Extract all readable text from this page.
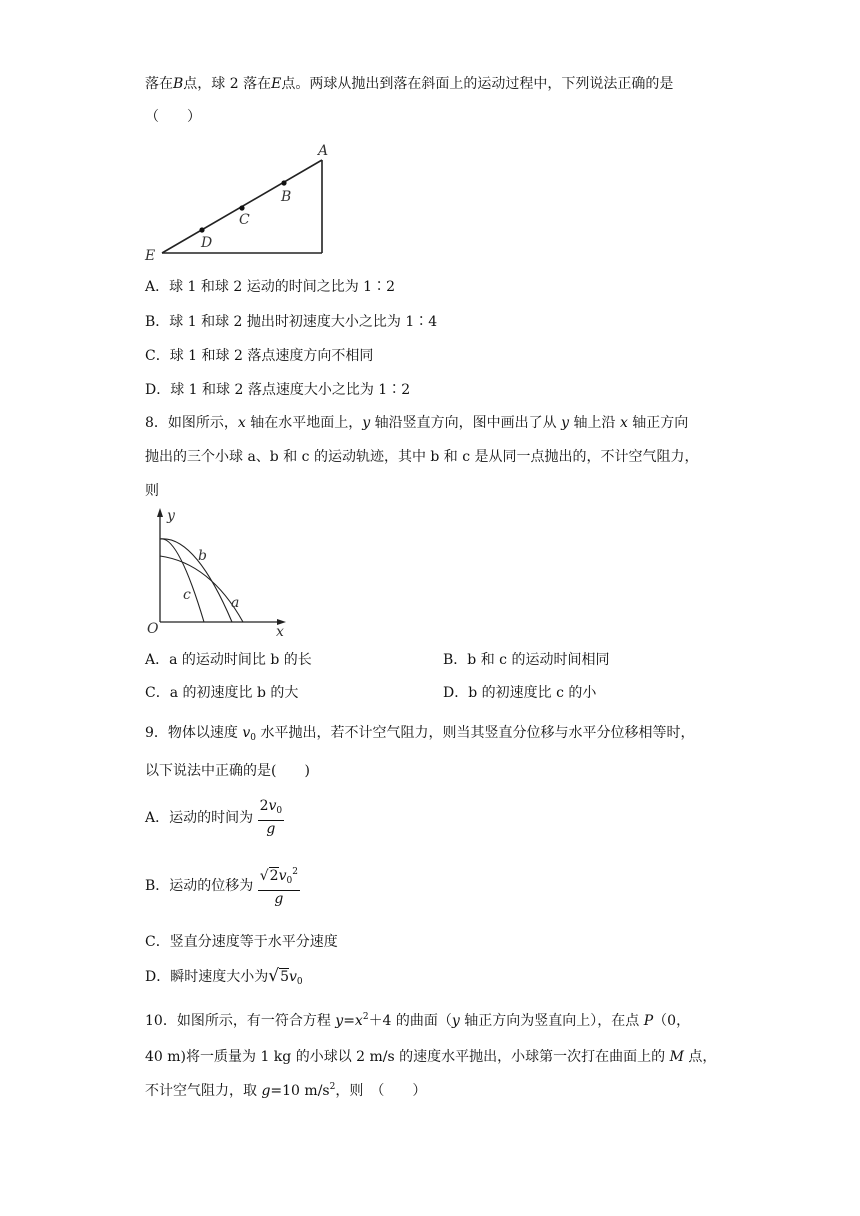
落在B点，球 2 落在E点。两球从抛出到落在斜面上的运动过程中，下列说法正确的是
（　　）
A
B
C
D
E
A．球 1 和球 2 运动的时间之比为 1∶2
B．球 1 和球 2 抛出时初速度大小之比为 1∶4
C．球 1 和球 2 落点速度方向不相同
D．球 1 和球 2 落点速度大小之比为 1∶2
8．如图所示，x 轴在水平地面上，y 轴沿竖直方向，图中画出了从 y 轴上沿 x 轴正方向
抛出的三个小球 a、b 和 c 的运动轨迹，其中 b 和 c 是从同一点抛出的，不计空气阻力，
则
y
x
O
a
b
c
A．a 的运动时间比 b 的长	B．b 和 c 的运动时间相同
C．a 的初速度比 b 的大	D．b 的初速度比 c 的小
9．物体以速度 $v_0$ 水平抛出，若不计空气阻力，则当其竖直分位移与水平分位移相等时，
以下说法中正确的是(　　)
A．运动的时间为 $\frac{2v_0}{g}$
B．运动的位移为 $\frac{√2v_0^2}{g}$
C．竖直分速度等于水平分速度
D．瞬时速度大小为$√5v_0$
10．如图所示，有一符合方程 $y=x^2+4$ 的曲面（y 轴正方向为竖直向上），在点 P（0，
40 m)将一质量为 1 kg 的小球以 2 m/s 的速度水平抛出，小球第一次打在曲面上的 M 点，
不计空气阻力，取 g=10 $m/s^2$，则　（　　）
